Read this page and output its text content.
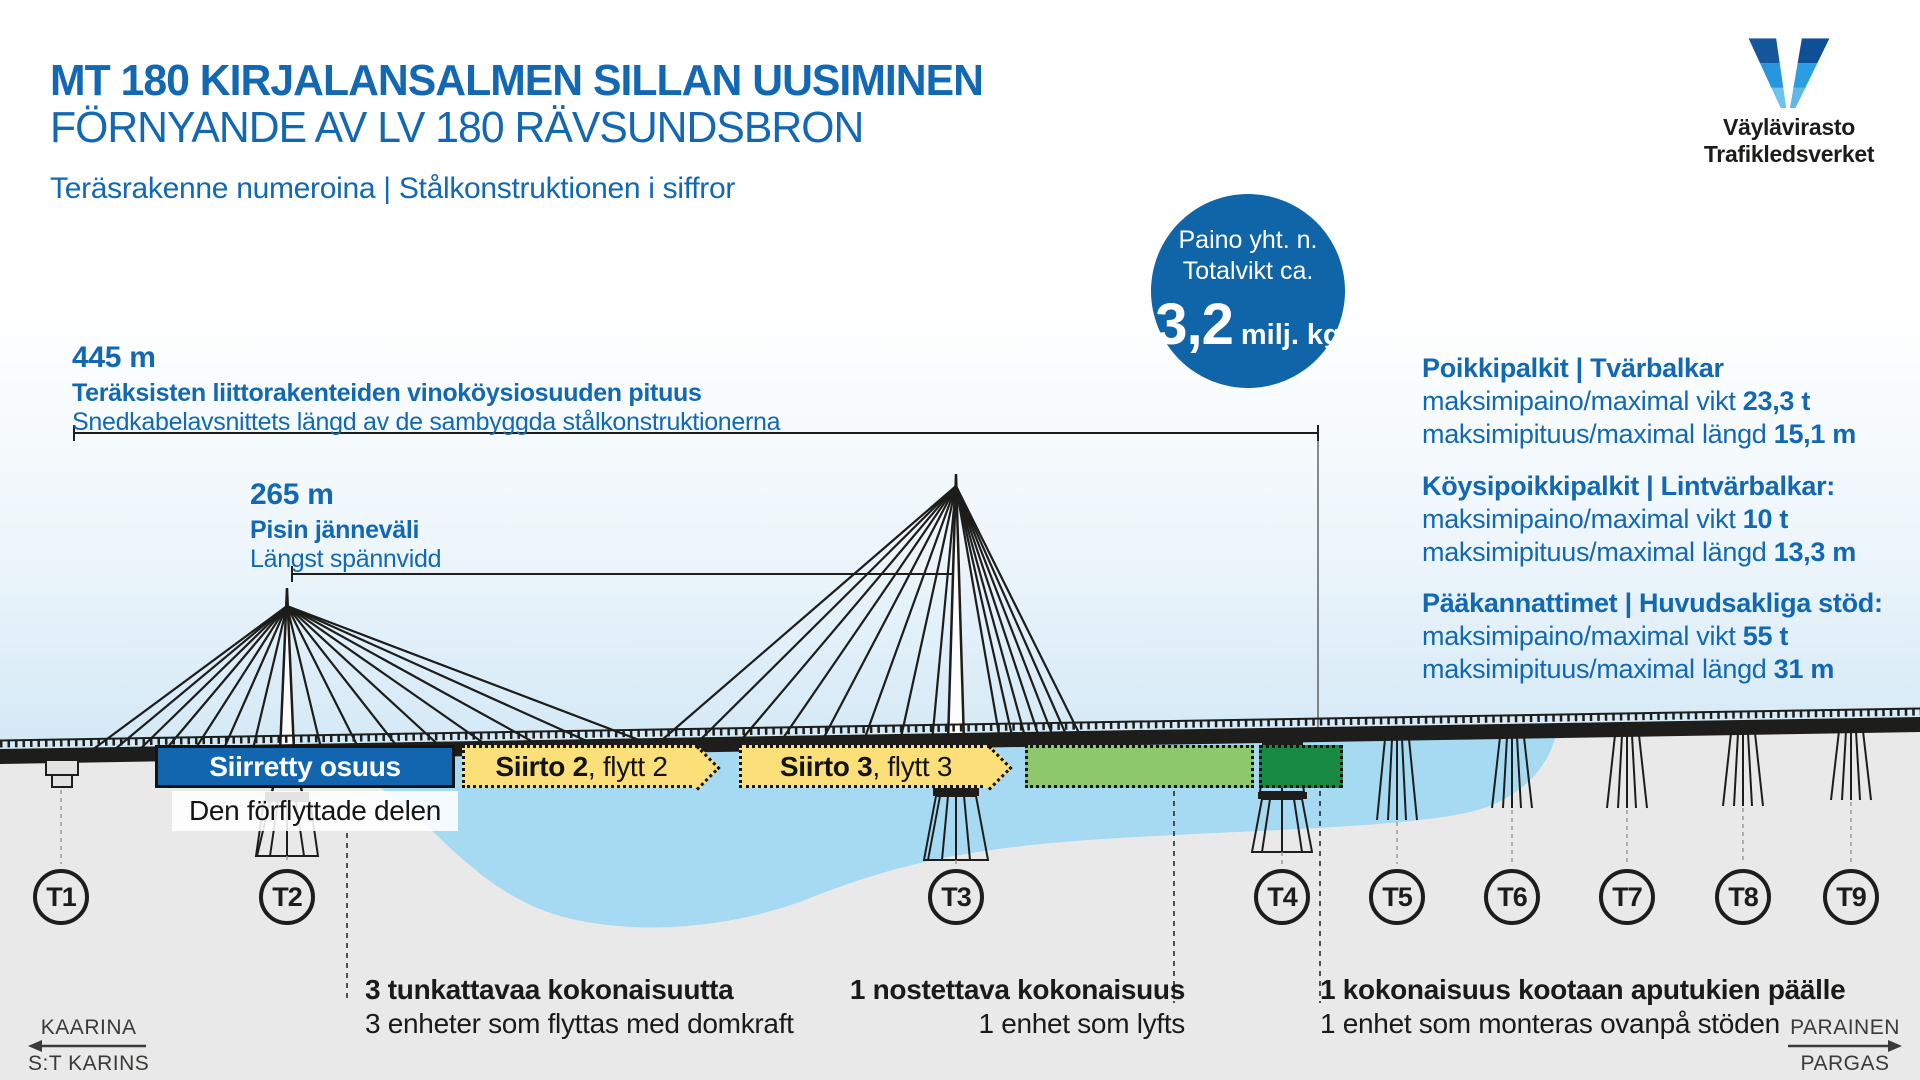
MT 180 KIRJALANSALMEN SILLAN UUSIMINEN
FÖRNYANDE AV LV 180 RÄVSUNDSBRON
Teräsrakenne numeroina | Stålkonstruktionen i siffror
Väylävirasto
Trafikledsverket
Paino yht. n.
Totalvikt ca.
3,2 milj. kg
445 m
Teräksisten liittorakenteiden vinoköysiosuuden pituus
Snedkabelavsnittets längd av de sambyggda stålkonstruktionerna
265 m
Pisin jänneväli
Längst spännvidd
Poikkipalkit | Tvärbalkar
maksimipaino/maximal vikt 23,3 t
maksimipituus/maximal längd 15,1 m
Köysipoikkipalkit | Lintvärbalkar:
maksimipaino/maximal vikt 10 t
maksimipituus/maximal längd 13,3 m
Pääkannattimet | Huvudsakliga stöd:
maksimipaino/maximal vikt 55 t
maksimipituus/maximal längd 31 m
Siirretty osuus
Den förflyttade delen
Siirto 2 , flytt 2	Siirto 3 , flytt 3
T1	T2	T3	T4	T5	T6	T7	T8	T9
3 tunkattavaa kokonaisuutta
3 enheter som flyttas med domkraft
1 nostettava kokonaisuus
1 enhet som lyfts
1 kokonaisuus kootaan aputukien päälle
1 enhet som monteras ovanpå stöden
KAARINA
S:T KARINS
PARAINEN
PARGAS
